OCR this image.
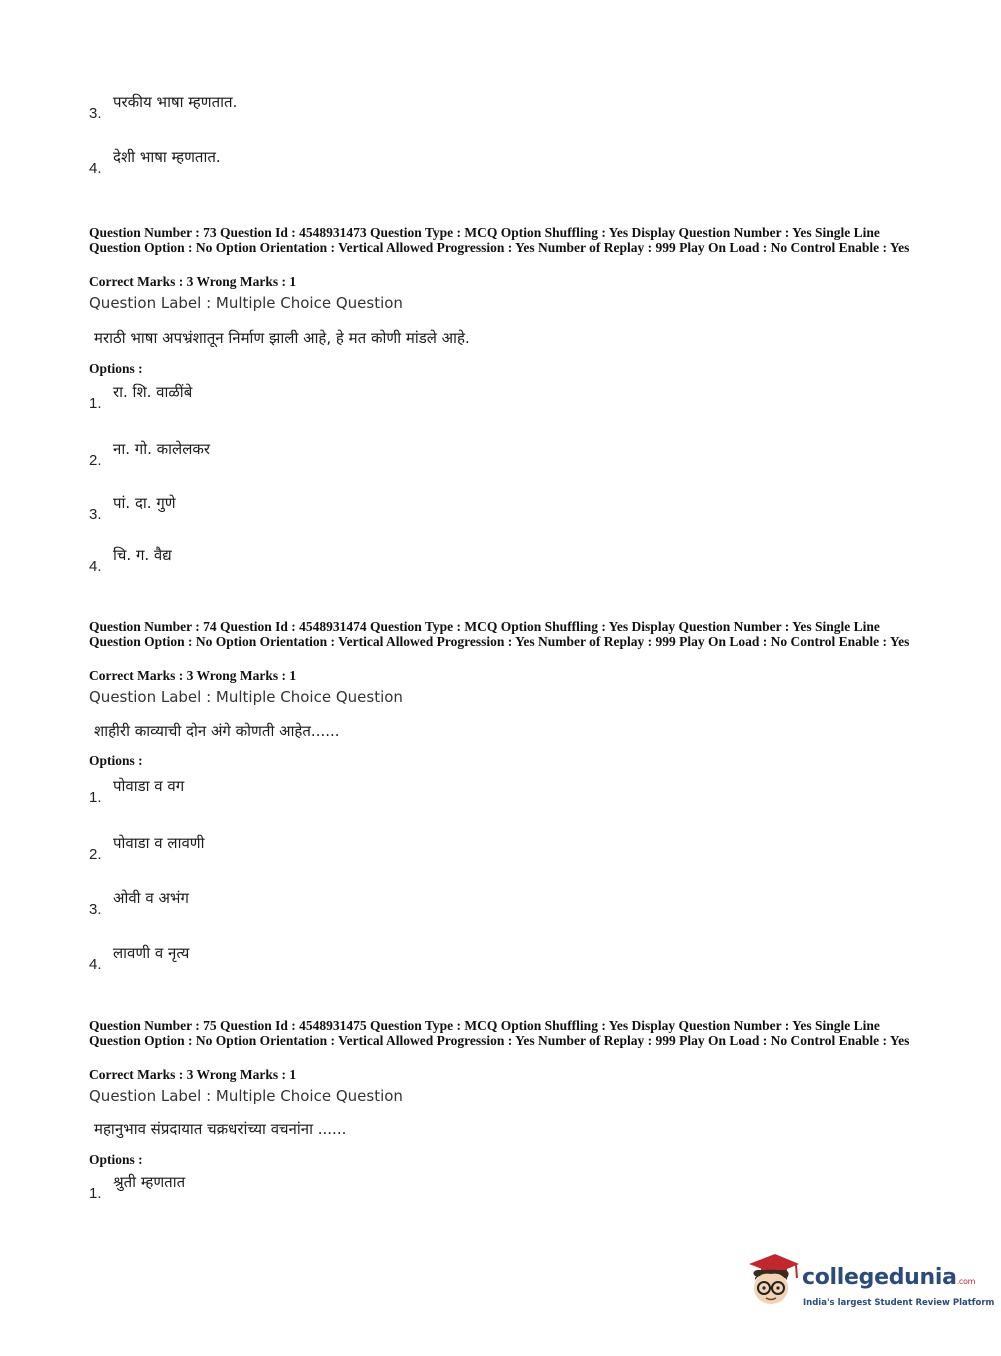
3.
परकीय भाषा म्हणतात.
4.
देशी भाषा म्हणतात.
Question Number : 73 Question Id : 4548931473 Question Type : MCQ Option Shuffling : Yes Display Question Number : Yes Single Line Question Option : No Option Orientation : Vertical Allowed Progression : Yes Number of Replay : 999 Play On Load : No Control Enable : Yes
Correct Marks : 3 Wrong Marks : 1
Question Label : Multiple Choice Question
मराठी भाषा अपभ्रंशातून निर्माण झाली आहे, हे मत कोणी मांडले आहे.
Options :
1.
रा. शि. वाळींबे
2.
ना. गो. कालेलकर
3.
पां. दा. गुणे
4.
चि. ग. वैद्य
Question Number : 74 Question Id : 4548931474 Question Type : MCQ Option Shuffling : Yes Display Question Number : Yes Single Line Question Option : No Option Orientation : Vertical Allowed Progression : Yes Number of Replay : 999 Play On Load : No Control Enable : Yes
Correct Marks : 3 Wrong Marks : 1
Question Label : Multiple Choice Question
शाहीरी काव्याची दोन अंगे कोणती आहेत......
Options :
1.
पोवाडा व वग
2.
पोवाडा व लावणी
3.
ओवी व अभंग
4.
लावणी व नृत्य
Question Number : 75 Question Id : 4548931475 Question Type : MCQ Option Shuffling : Yes Display Question Number : Yes Single Line Question Option : No Option Orientation : Vertical Allowed Progression : Yes Number of Replay : 999 Play On Load : No Control Enable : Yes
Correct Marks : 3 Wrong Marks : 1
Question Label : Multiple Choice Question
महानुभाव संप्रदायात चक्रधरांच्या वचनांना ......
Options :
1.
श्रुती म्हणतात
collegedunia.com
India's largest Student Review Platform
